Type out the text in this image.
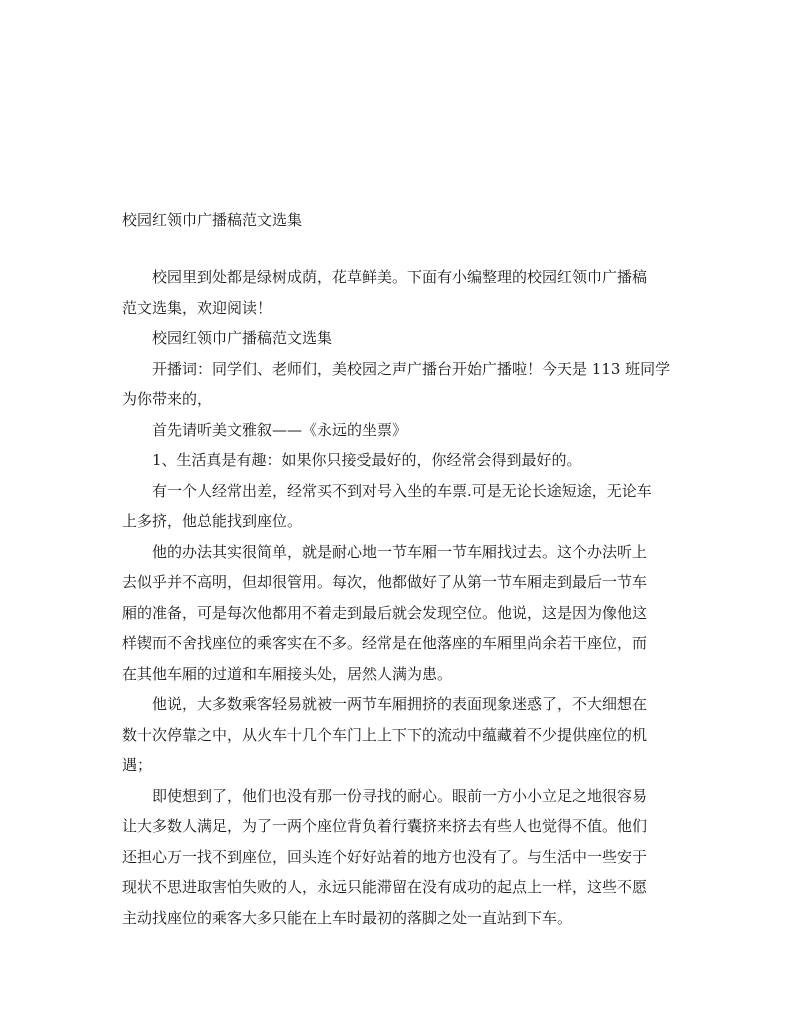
校园红领巾广播稿范文选集

校园里到处都是绿树成荫，花草鲜美。下面有小编整理的校园红领巾广播稿
范文选集，欢迎阅读！

校园红领巾广播稿范文选集

开播词：同学们、老师们，美校园之声广播台开始广播啦！今天是 113 班同学
为你带来的，

首先请听美文雅叙——《永远的坐票》

1、生活真是有趣：如果你只接受最好的，你经常会得到最好的。

有一个人经常出差，经常买不到对号入坐的车票.可是无论长途短途，无论车
上多挤，他总能找到座位。

他的办法其实很简单，就是耐心地一节车厢一节车厢找过去。这个办法听上
去似乎并不高明，但却很管用。每次，他都做好了从第一节车厢走到最后一节车
厢的准备，可是每次他都用不着走到最后就会发现空位。他说，这是因为像他这
样锲而不舍找座位的乘客实在不多。经常是在他落座的车厢里尚余若干座位，而
在其他车厢的过道和车厢接头处，居然人满为患。

他说，大多数乘客轻易就被一两节车厢拥挤的表面现象迷惑了，不大细想在
数十次停靠之中，从火车十几个车门上上下下的流动中蕴藏着不少提供座位的机
遇；

即使想到了，他们也没有那一份寻找的耐心。眼前一方小小立足之地很容易
让大多数人满足，为了一两个座位背负着行囊挤来挤去有些人也觉得不值。他们
还担心万一找不到座位，回头连个好好站着的地方也没有了。与生活中一些安于
现状不思进取害怕失败的人，永远只能滞留在没有成功的起点上一样，这些不愿
主动找座位的乘客大多只能在上车时最初的落脚之处一直站到下车。
